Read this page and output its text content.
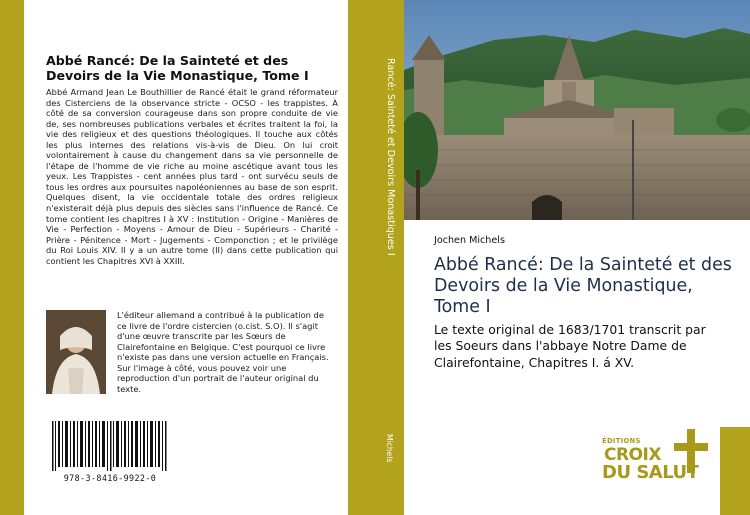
Abbé Rancé: De la Sainteté et des Devoirs de la Vie Monastique, Tome I
Abbé Armand Jean Le Bouthillier de Rancé était le grand réformateur des Cisterciens de la observance stricte - OCSO - les trappistes. À côté de sa conversion courageuse dans son propre conduite de vie de, ses nombreuses publications verbales et écrites traitent la foi, la vie des religieux et des questions théologiques. Il touche aux côtés les plus internes des relations vis-à-vis de Dieu. On lui croit volontairement à cause du changement dans sa vie personnelle de l'étape de l'homme de vie riche au moine ascétique avant tous les yeux. Les Trappistes - cent années plus tard - ont survécu seuls de tous les ordres aux poursuites napoléoniennes au base de son esprit. Quelques disent, la vie occidentale totale des ordres religieux n'existerait déjà plus depuis des siècles sans l'influence de Rancé. Ce tome contient les chapitres I à XV : Institution - Origine - Manières de Vie - Perfection - Moyens - Amour de Dieu - Supérieurs - Charité - Prière - Pénitence - Mort - Jugements - Componction ; et le privilège du Roi Louis XIV. Il y a un autre tome (II) dans cette publication qui contient les Chapitres XVI à XXIII.
L'éditeur allemand a contribué à la publication de ce livre de l'ordre cistercien (o.cist. S.O). Il s'agit d'une œuvre transcrite par les Sœurs de Clairefontaine en Belgique. C'est pourquoi ce livre n'existe pas dans une version actuelle en Français. Sur l'image à côté, vous pouvez voir une reproduction d'un portrait de l'auteur original du texte.
978-3-8416-9922-0
Rancé: Sainteté et Devoirs Monastiques I
Michels
Jochen Michels
Abbé Rancé: De la Sainteté et des Devoirs de la Vie Monastique, Tome I
Le texte original de 1683/1701 transcrit par les Soeurs dans l'abbaye Notre Dame de Clairefontaine, Chapitres I. á XV.
ÉDITIONS
CROIX
DU SALUT
